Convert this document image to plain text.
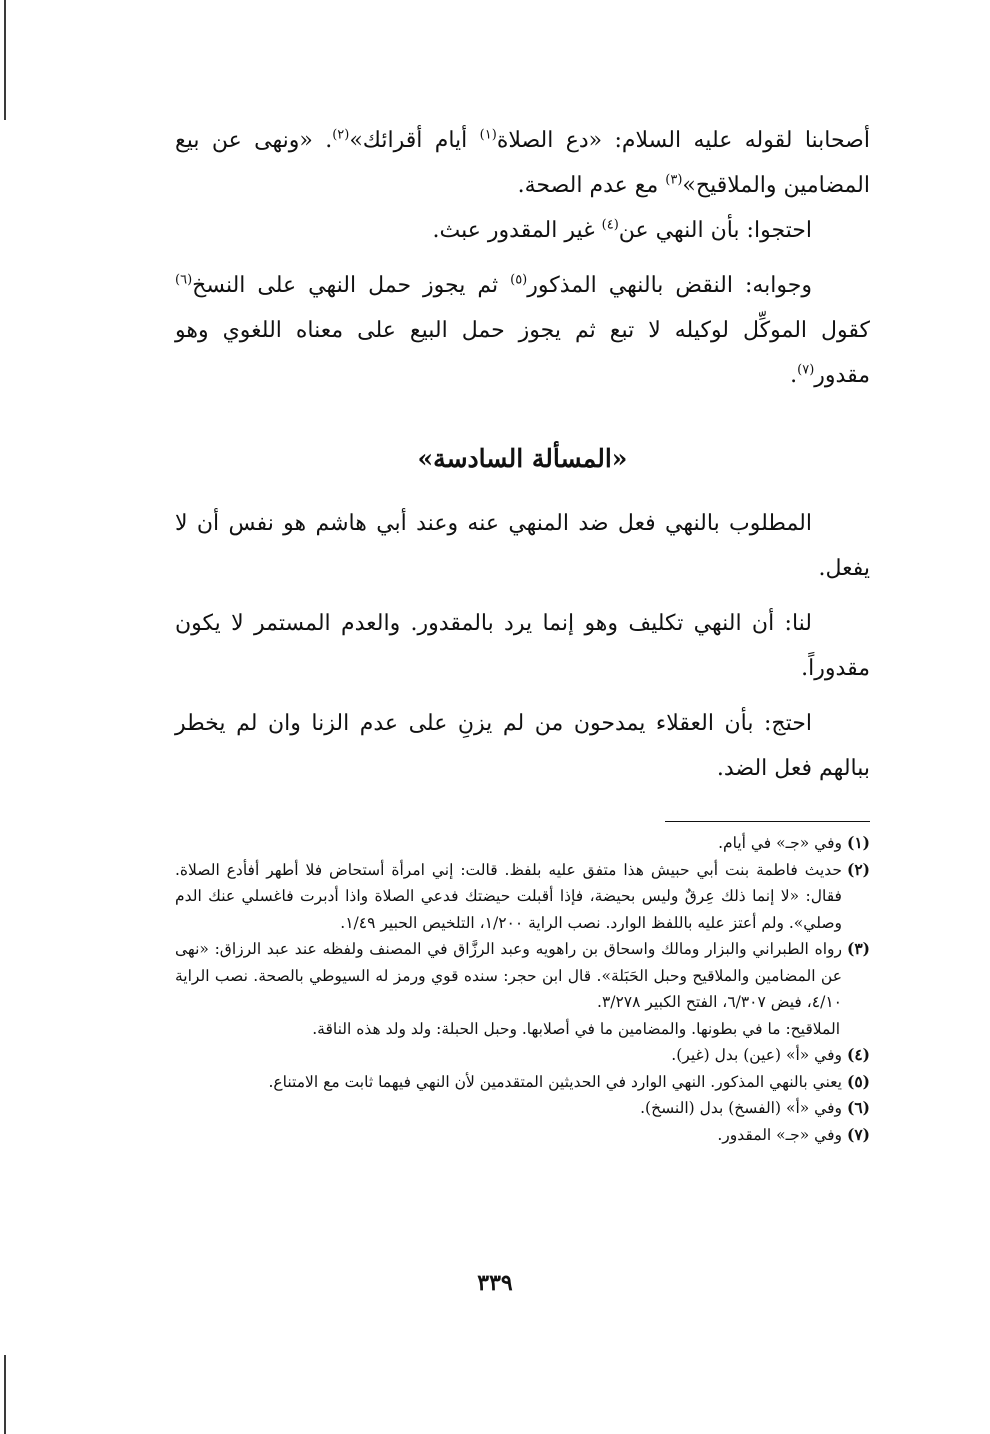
أصحابنا لقوله عليه السلام: «دع الصلاة$^{(١)}$ أيام أقرائك»$^{(٢)}$. «ونهى عن بيع المضامين والملاقيح»$^{(٣)}$ مع عدم الصحة.

احتجوا: بأن النهي عن$^{(٤)}$ غير المقدور عبث.

وجوابه: النقض بالنهي المذكور$^{(٥)}$ ثم يجوز حمل النهي على النسخ$^{(٦)}$ كقول الموكِّل لوكيله لا تبع ثم يجوز حمل البيع على معناه اللغوي وهو مقدور$^{(٧)}$.

«المسألة السادسة»

المطلوب بالنهي فعل ضد المنهي عنه وعند أبي هاشم هو نفس أن لا يفعل.

لنا: أن النهي تكليف وهو إنما يرد بالمقدور. والعدم المستمر لا يكون مقدوراً.

احتج: بأن العقلاء يمدحون من لم يزنِ على عدم الزنا وان لم يخطر ببالهم فعل الضد.

(١)
وفي «جـ» في أيام.
(٢)
حديث فاطمة بنت أبي حبيش هذا متفق عليه بلفظ. قالت: إني امرأة أستحاض فلا أطهر أفأدع الصلاة. فقال: «لا إنما ذلك عِرقٌ وليس بحيضة، فإذا أقبلت حيضتك فدعي الصلاة واذا أدبرت فاغسلي عنك الدم وصلي». ولم أعتز عليه باللفظ الوارد. نصب الراية ١/٢٠٠، التلخيص الحبير ١/٤٩.
(٣)
رواه الطبراني والبزار ومالك واسحاق بن راهويه وعبد الرزَّاق في المصنف ولفظه عند عبد الرزاق: «نهى عن المضامين والملاقيح وحبل الحَبَلة». قال ابن حجر: سنده قوي ورمز له السيوطي بالصحة. نصب الراية ٤/١٠، فيض ٦/٣٠٧، الفتح الكبير ٣/٢٧٨.

الملاقيح: ما في بطونها. والمضامين ما في أصلابها. وحبل الحبلة: ولد ولد هذه الناقة.

(٤)
وفي «أ» (عين) بدل (غير).
(٥)
يعني بالنهي المذكور. النهي الوارد في الحديثين المتقدمين لأن النهي فيهما ثابت مع الامتناع.
(٦)
وفي «أ» (الفسخ) بدل (النسخ).
(٧)
وفي «جـ» المقدور.
٣٣٩
